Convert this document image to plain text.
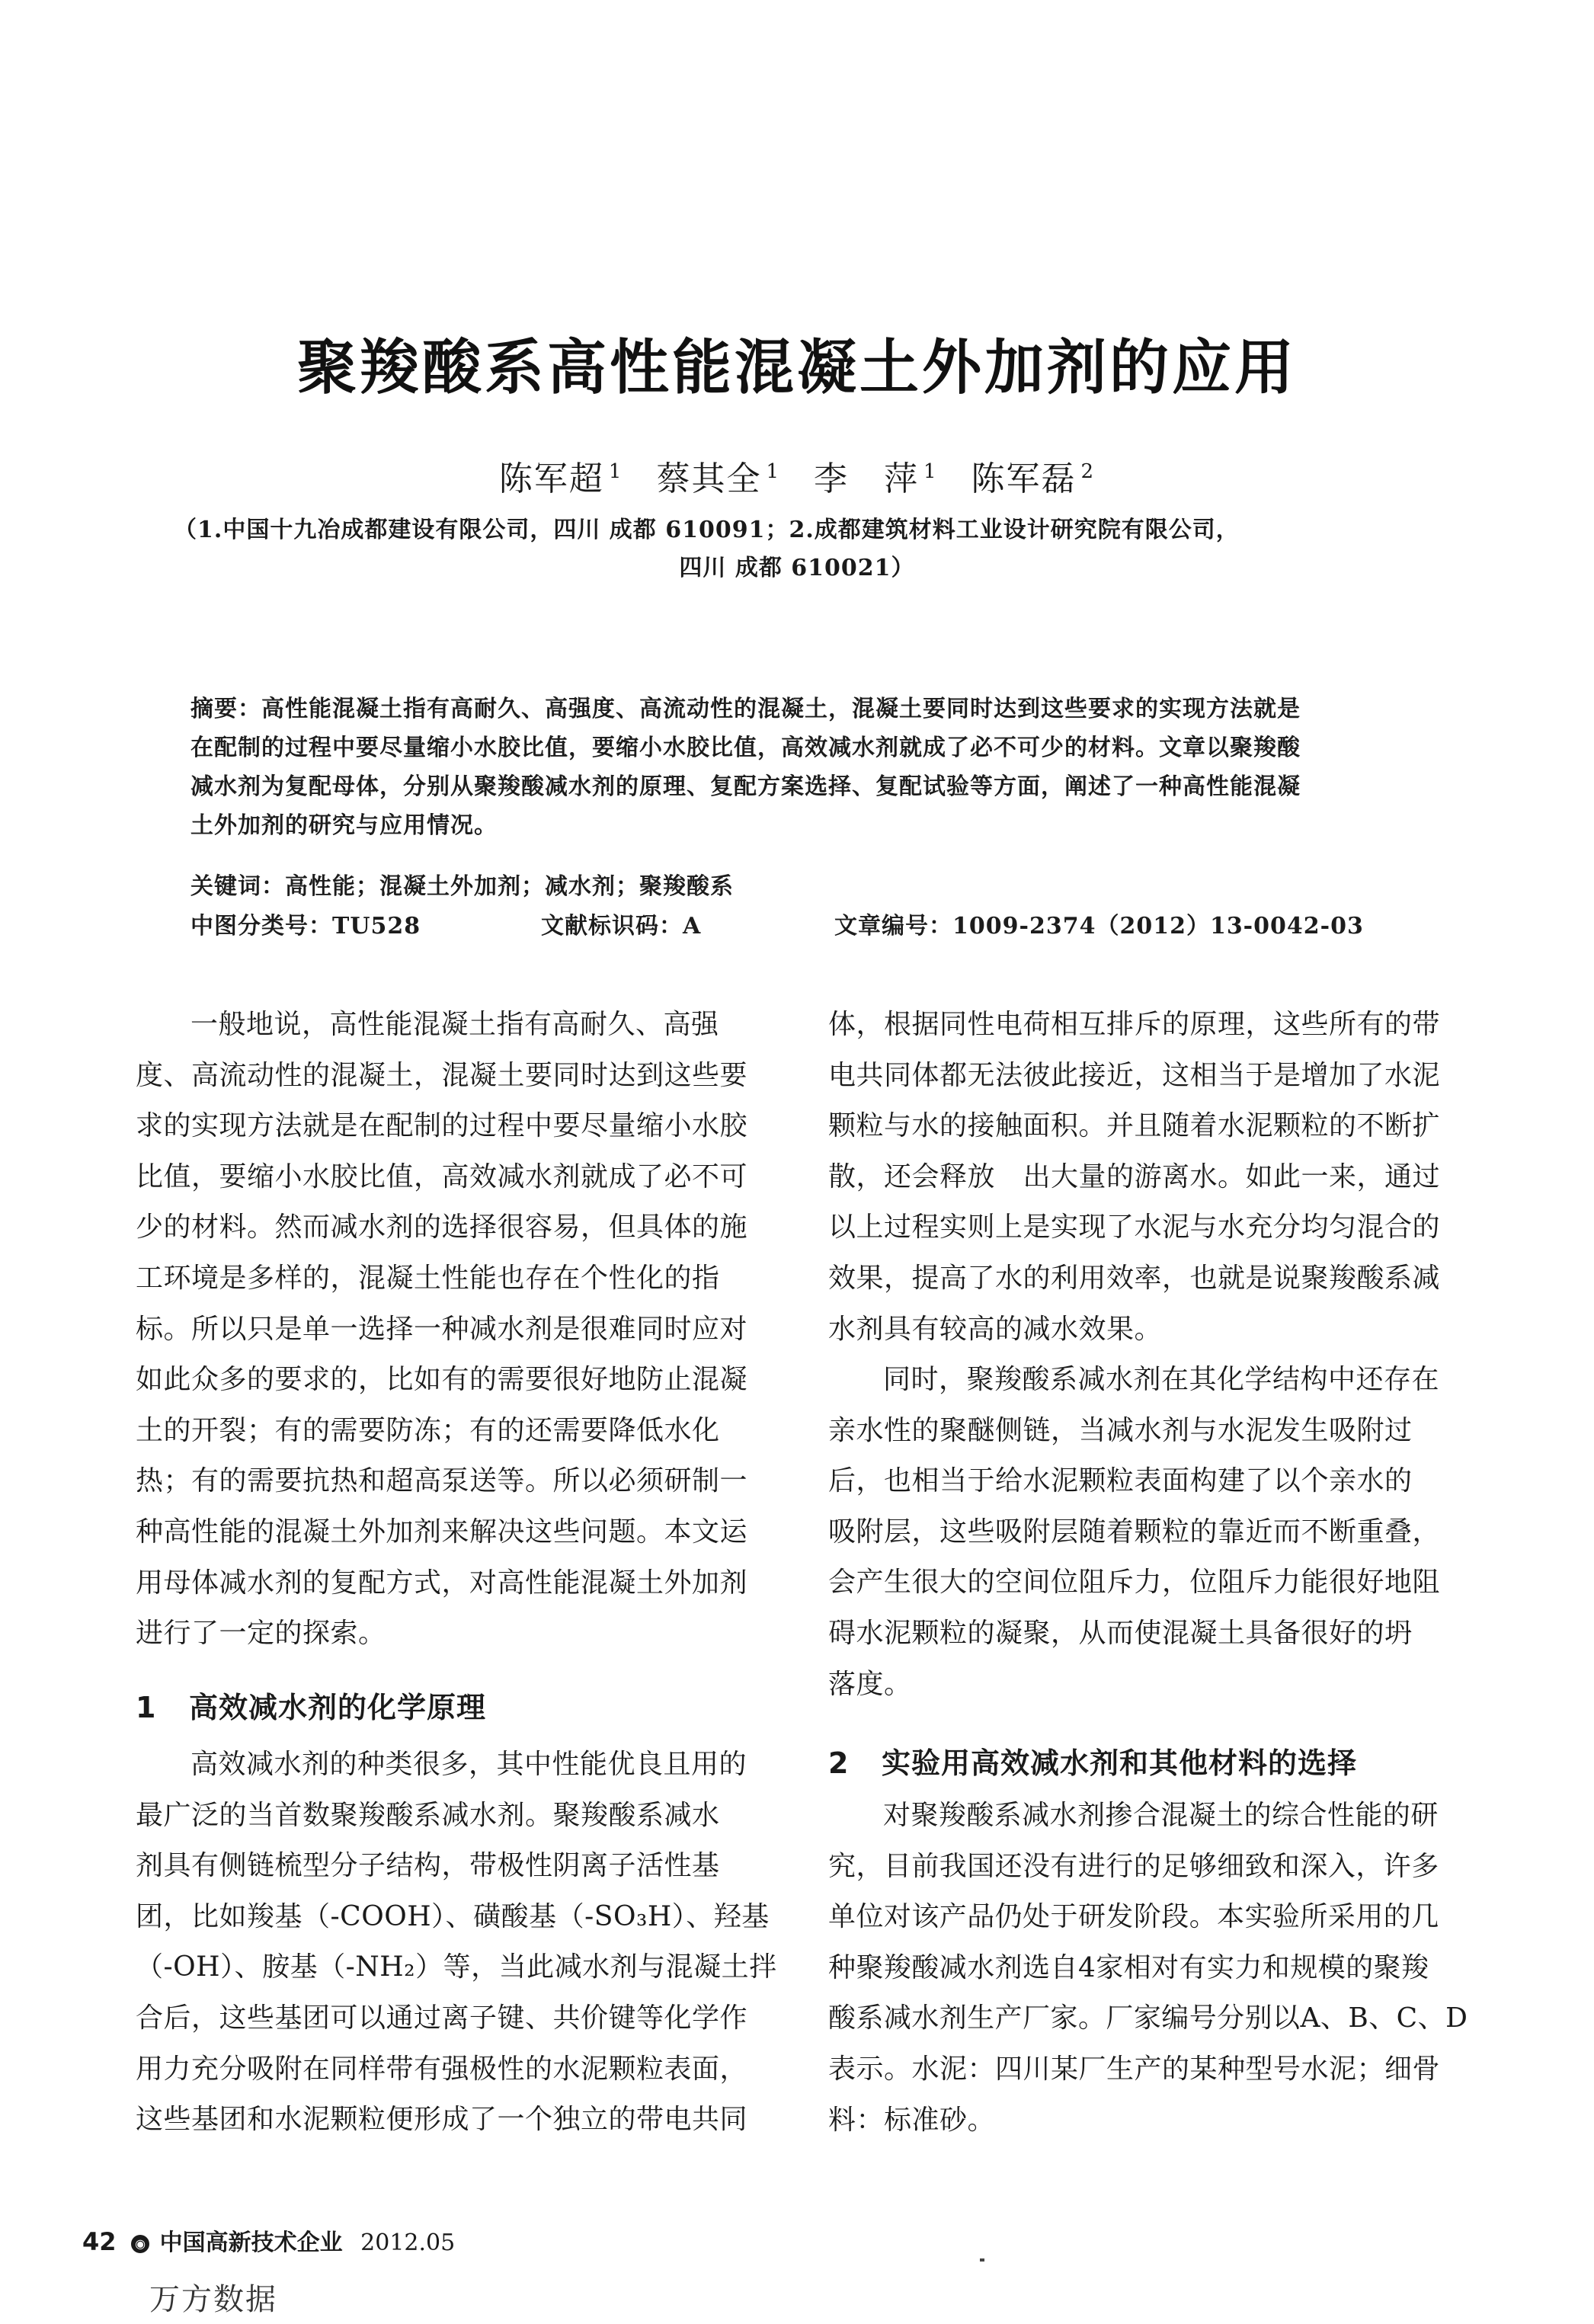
聚羧酸系高性能混凝土外加剂的应用
陈军超 $^1$ 蔡其全 $^1$ 李　萍 $^1$ 陈军磊 $^2$
（1.中国十九冶成都建设有限公司，四川 成都 610091；2.成都建筑材料工业设计研究院有限公司，
四川 成都 610021）
摘要：高性能混凝土指有高耐久、高强度、高流动性的混凝土，混凝土要同时达到这些要求的实现方法就是
在配制的过程中要尽量缩小水胶比值，要缩小水胶比值，高效减水剂就成了必不可少的材料。文章以聚羧酸
减水剂为复配母体，分别从聚羧酸减水剂的原理、复配方案选择、复配试验等方面，阐述了一种高性能混凝
土外加剂的研究与应用情况。
关键词：高性能；混凝土外加剂；减水剂；聚羧酸系
中图分类号：TU528	文献标识码：A	文章编号：1009-2374（2012）13-0042-03
一般地说，高性能混凝土指有高耐久、高强
度、高流动性的混凝土，混凝土要同时达到这些要
求的实现方法就是在配制的过程中要尽量缩小水胶
比值，要缩小水胶比值，高效减水剂就成了必不可
少的材料。然而减水剂的选择很容易，但具体的施
工环境是多样的，混凝土性能也存在个性化的指
标。所以只是单一选择一种减水剂是很难同时应对
如此众多的要求的，比如有的需要很好地防止混凝
土的开裂；有的需要防冻；有的还需要降低水化
热；有的需要抗热和超高泵送等。所以必须研制一
种高性能的混凝土外加剂来解决这些问题。本文运
用母体减水剂的复配方式，对高性能混凝土外加剂
进行了一定的探索。
1 高效减水剂的化学原理
高效减水剂的种类很多，其中性能优良且用的
最广泛的当首数聚羧酸系减水剂。聚羧酸系减水
剂具有侧链梳型分子结构，带极性阴离子活性基
团，比如羧基（-COOH）、磺酸基（-SO₃H）、羟基
（-OH）、胺基（-NH₂）等，当此减水剂与混凝土拌
合后，这些基团可以通过离子键、共价键等化学作
用力充分吸附在同样带有强极性的水泥颗粒表面，
这些基团和水泥颗粒便形成了一个独立的带电共同
体，根据同性电荷相互排斥的原理，这些所有的带
电共同体都无法彼此接近，这相当于是增加了水泥
颗粒与水的接触面积。并且随着水泥颗粒的不断扩
散，还会释放　出大量的游离水。如此一来，通过
以上过程实则上是实现了水泥与水充分均匀混合的
效果，提高了水的利用效率，也就是说聚羧酸系减
水剂具有较高的减水效果。
同时，聚羧酸系减水剂在其化学结构中还存在
亲水性的聚醚侧链，当减水剂与水泥发生吸附过
后，也相当于给水泥颗粒表面构建了以个亲水的
吸附层，这些吸附层随着颗粒的靠近而不断重叠，
会产生很大的空间位阻斥力，位阻斥力能很好地阻
碍水泥颗粒的凝聚，从而使混凝土具备很好的坍
落度。
2 实验用高效减水剂和其他材料的选择
对聚羧酸系减水剂掺合混凝土的综合性能的研
究，目前我国还没有进行的足够细致和深入，许多
单位对该产品仍处于研发阶段。本实验所采用的几
种聚羧酸减水剂选自4家相对有实力和规模的聚羧
酸系减水剂生产厂家。厂家编号分别以A、B、C、D
表示。水泥：四川某厂生产的某种型号水泥；细骨
料：标准砂。
42 ◉ 中国高新技术企业 2012.05
万方数据
